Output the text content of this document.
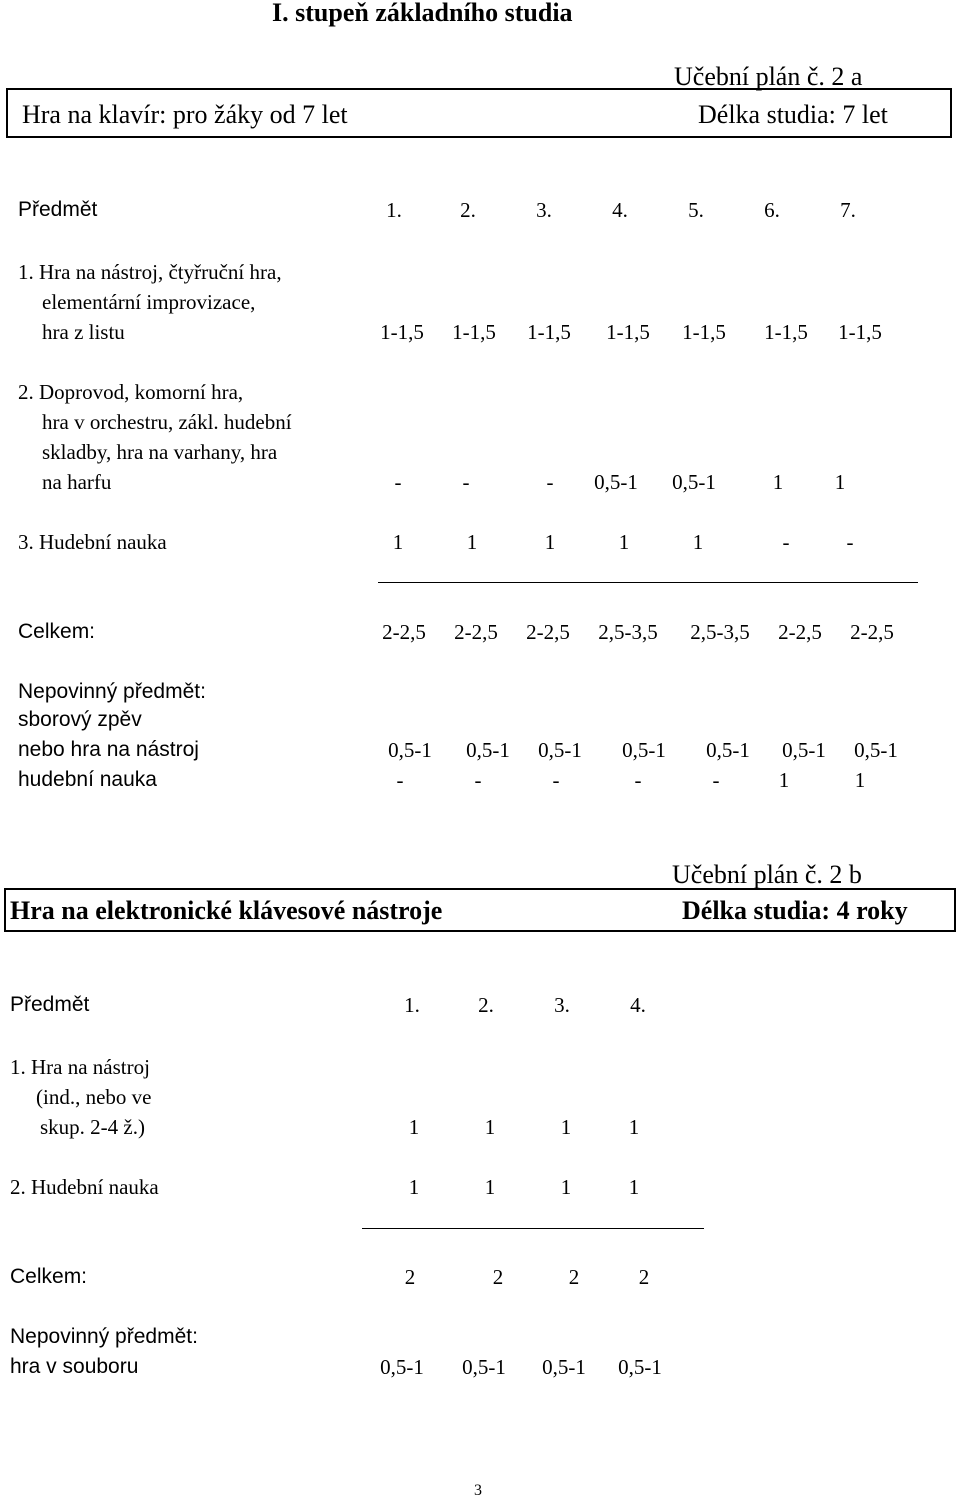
I. stupeň základního studia
Učební plán č. 2 a
Hra na klavír: pro žáky od 7 let	Délka studia: 7 let
Předmět	1.	2.	3.	4.	5.	6.	7.
1. Hra na nástroj, čtyřruční hra,
elementární improvizace,
hra z listu	1-1,5	1-1,5	1-1,5	1-1,5	1-1,5	1-1,5	1-1,5
2. Doprovod, komorní hra,
hra v orchestru, zákl. hudební
skladby, hra na varhany, hra
na harfu	-	-	-	0,5-1	0,5-1	1	1
3. Hudební nauka	1	1	1	1	1	-	-
Celkem:	2-2,5	2-2,5	2-2,5	2,5-3,5	2,5-3,5	2-2,5	2-2,5
Nepovinný předmět:
sborový zpěv
nebo hra na nástroj	0,5-1	0,5-1	0,5-1	0,5-1	0,5-1	0,5-1	0,5-1
hudební nauka	-	-	-	-	-	1	1
Učební plán č. 2 b
Hra na elektronické klávesové nástroje	Délka studia: 4 roky
Předmět	1.	2.	3.	4.
1. Hra na nástroj
(ind., nebo ve
skup. 2-4 ž.)	1	1	1	1
2. Hudební nauka	1	1	1	1
Celkem:	2	2	2	2
Nepovinný předmět:
hra v souboru	0,5-1	0,5-1	0,5-1	0,5-1
3
